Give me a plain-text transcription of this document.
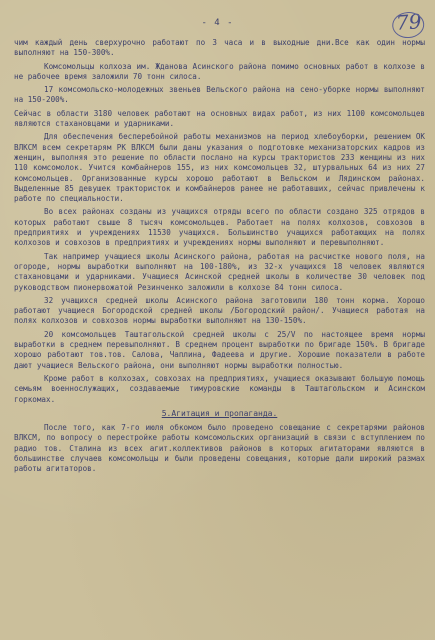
- 4 -	79

чим каждый день сверхурочно работают по 3 часа и в выходные дни.Все как один нормы выполняют на 150-300%.

Комсомольцы колхоза им. Жданова Асинского района помимо основных работ в колхозе в не рабочее время заложили 70 тонн силоса.

17 комсомольско-молодежных звеньев Вельского района на сено-уборке нормы выполняют на 150-200%.

Сейчас в области 3180 человек работают на основных видах работ, из них 1100 комсомольцев являются стахановцами и ударниками.

Для обеспечения бесперебойной работы механизмов на период хлебоуборки, решением ОК ВЛКСМ всем секретарям РК ВЛКСМ были даны указания о подготовке механизаторских кадров из женщин, выполняя это решение по области послано на курсы трактористов 233 женщины из них 110 комсомолок. Учится комбайнеров 155, из них комсомольцев 32, штурвальных 64 из них 27 комсомольцев. Организованные курсы хорошо работают в Вельском и Лядинском районах. Выделенные 85 девушек трактористок и комбайнеров ранее не работавших, сейчас привлечены к работе по специальности.

Во всех районах созданы из учащихся отряды всего по области создано 325 отрядов в которых работают свыше 8 тысяч комсомольцев. Работает на полях колхозов, совхозов в предприятиях и учреждениях 11530 учащихся. Большинство учащихся работающих на полях колхозов и совхозов в предприятиях и учреждениях нормы выполняют и перевыполняют.

Так например учащиеся школы Асинского района, работая на расчистке нового поля, на огороде, нормы выработки выполняют на 100-180%, из 32-х учащихся 18 человек являются стахановцами и ударниками. Учащиеся Асинской средней школы в количестве 30 человек под руководством пионервожатой Резинченко заложили в колхозе 84 тонн силоса.

32 учащихся средней школы Асинского района заготовили 180 тонн корма. Хорошо работают учащиеся Богородской средней школы /Богородский район/. Учащиеся работая на полях колхозов и совхозов нормы выработки выполняют на 130-150%.

20 комсомольцев Таштагольской средней школы с 25/V по настоящее время нормы выработки в среднем перевыполняют. В среднем процент выработки по бригаде 150%. В бригаде хорошо работают тов.тов. Салова, Чаплина, Фадеева и другие. Хорошие показатели в работе дают учащиеся Вельского района, они выполняют нормы выработки полностью.

Кроме работ в колхозах, совхозах на предприятиях, учащиеся оказывают большую помощь семьям военнослужащих, создаваемые тимуровские команды в Таштагольском и Асинском горкомах.

5.Агитация и пропаганда.

После того, как 7-го июля обкомом было проведено совещание с секретарями районов ВЛКСМ, по вопросу о перестройке работы комсомольских организаций в связи с вступлением по радио тов. Сталина из всех агит.коллективов районов в которых агитаторами являются в большинстве случаев комсомольцы и были проведены совещания, которые дали широкий размах работы агитаторов.
